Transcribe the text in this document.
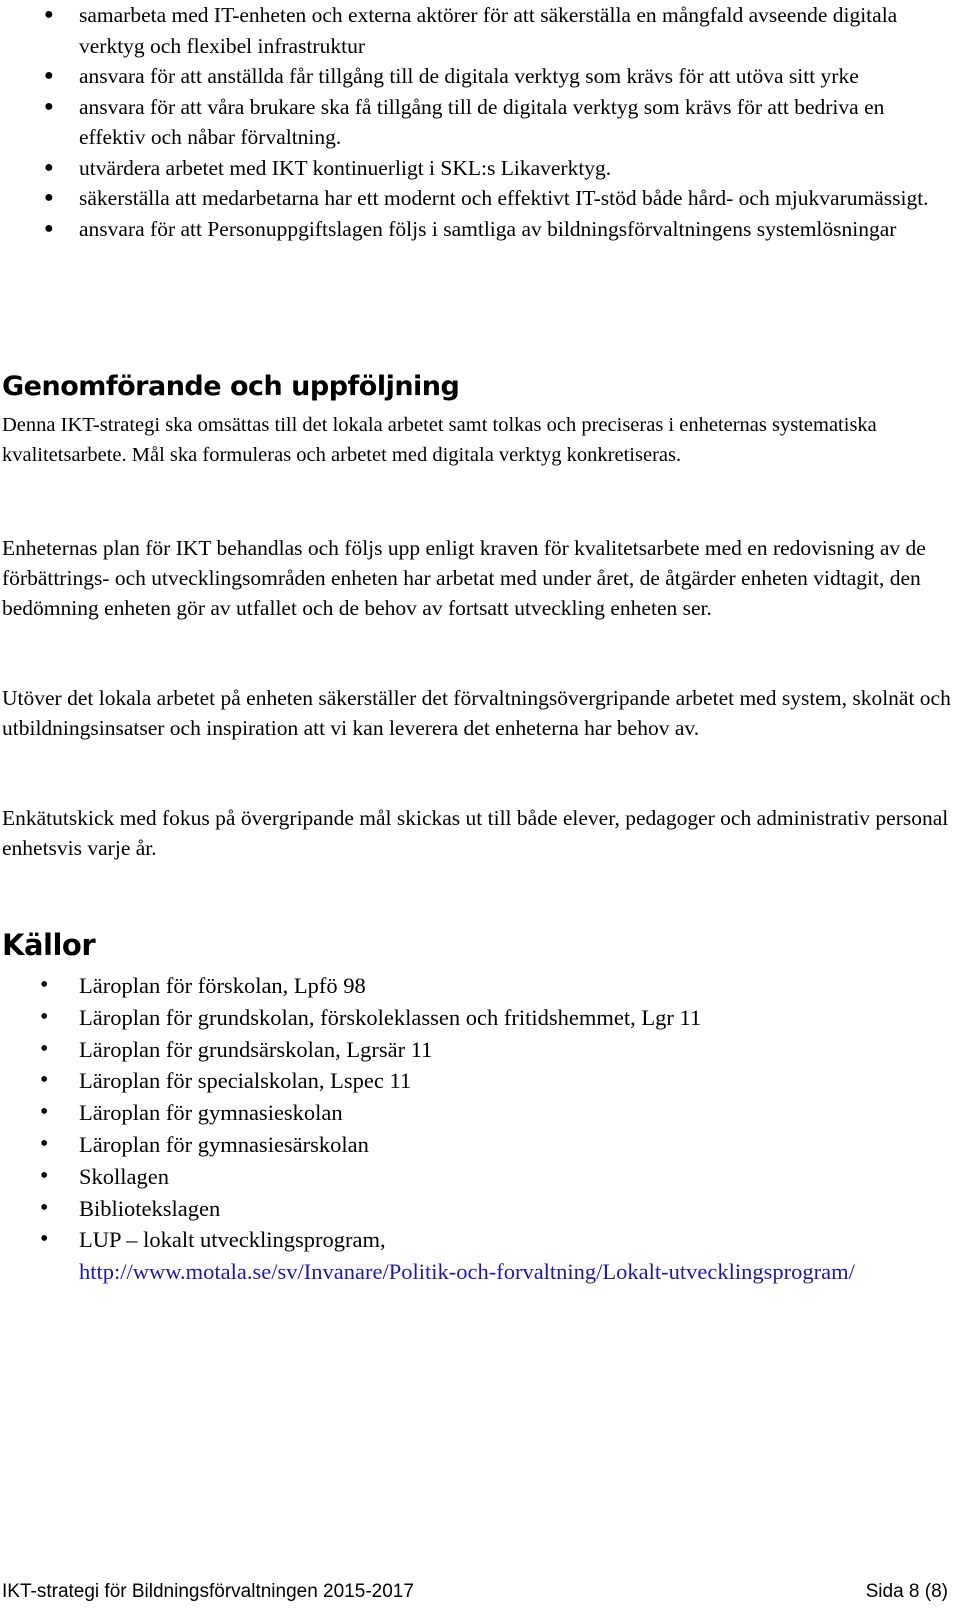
● samarbeta med IT-enheten och externa aktörer för att säkerställa en mångfald avseende digitala verktyg och flexibel infrastruktur
● ansvara för att anställda får tillgång till de digitala verktyg som krävs för att utöva sitt yrke
● ansvara för att våra brukare ska få tillgång till de digitala verktyg som krävs för att bedriva en effektiv och nåbar förvaltning.
● utvärdera arbetet med IKT kontinuerligt i SKL:s Likaverktyg.
● säkerställa att medarbetarna har ett modernt och effektivt IT-stöd både hård- och mjukvarumässigt.
● ansvara för att Personuppgiftslagen följs i samtliga av bildningsförvaltningens systemlösningar
Genomförande och uppföljning

Denna IKT-strategi ska omsättas till det lokala arbetet samt tolkas och preciseras i enheternas systematiska kvalitetsarbete. Mål ska formuleras och arbetet med digitala verktyg konkretiseras.

Enheternas plan för IKT behandlas och följs upp enligt kraven för kvalitetsarbete med en redovisning av de förbättrings- och utvecklingsområden enheten har arbetat med under året, de åtgärder enheten vidtagit, den bedömning enheten gör av utfallet och de behov av fortsatt utveckling enheten ser.

Utöver det lokala arbetet på enheten säkerställer det förvaltningsövergripande arbetet med system, skolnät och utbildningsinsatser och inspiration att vi kan leverera det enheterna har behov av.

Enkätutskick med fokus på övergripande mål skickas ut till både elever, pedagoger och administrativ personal enhetsvis varje år.

Källor
• Läroplan för förskolan, Lpfö 98
• Läroplan för grundskolan, förskoleklassen och fritidshemmet, Lgr 11
• Läroplan för grundsärskolan, Lgrsär 11
• Läroplan för specialskolan, Lspec 11
• Läroplan för gymnasieskolan
• Läroplan för gymnasiesärskolan
• Skollagen
• Bibliotekslagen
• LUP – lokalt utvecklingsprogram,
http://www.motala.se/sv/Invanare/Politik-och-forvaltning/Lokalt-utvecklingsprogram/
IKT-strategi för Bildningsförvaltningen 2015-2017	Sida 8 (8)
